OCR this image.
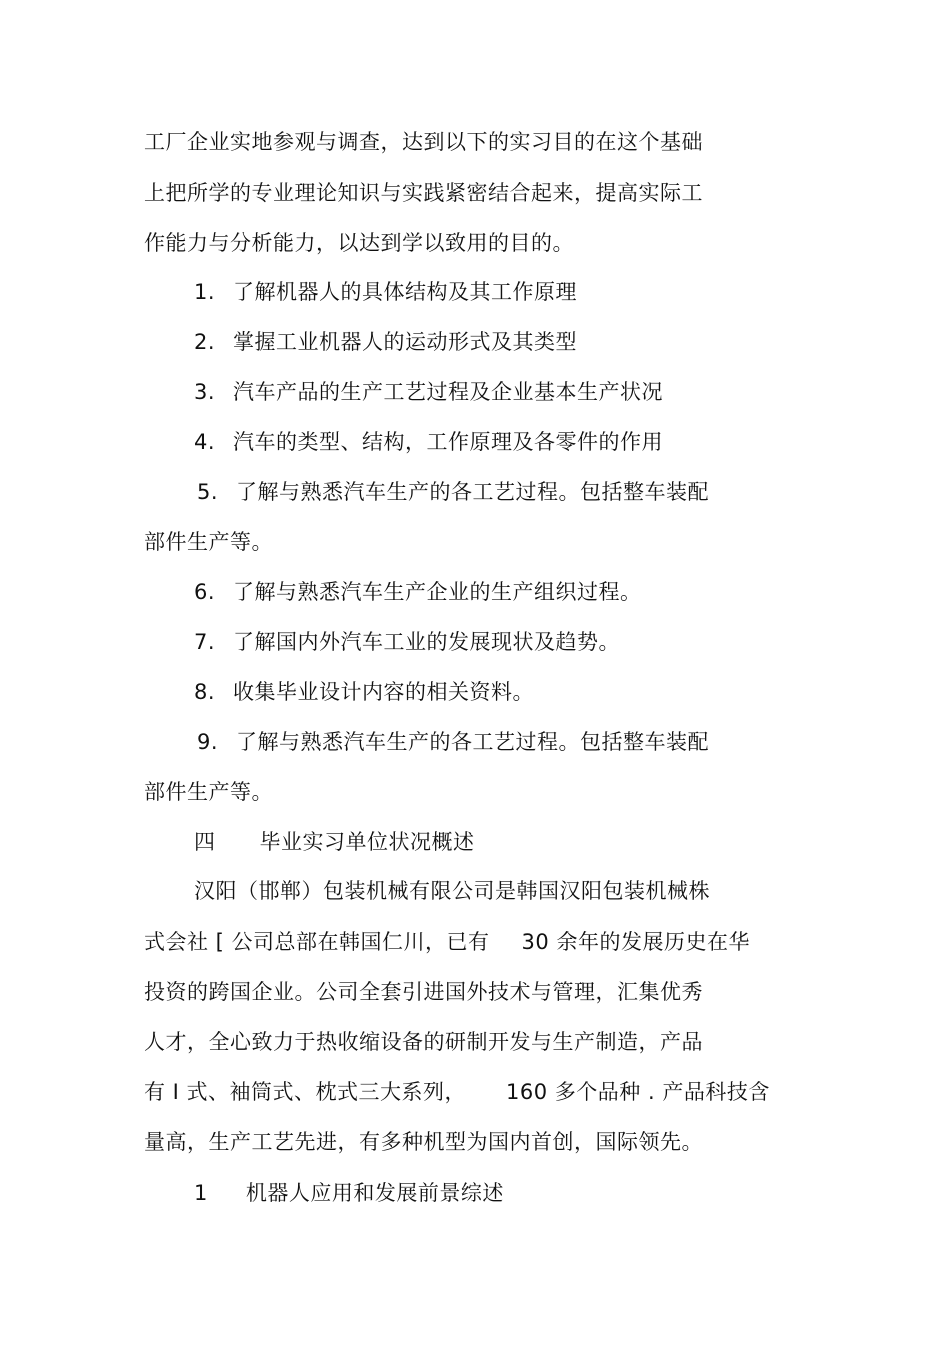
工厂企业实地参观与调查，达到以下的实习目的在这个基础
上把所学的专业理论知识与实践紧密结合起来，提高实际工
作能力与分析能力，以达到学以致用的目的。
1. 了解机器人的具体结构及其工作原理
2. 掌握工业机器人的运动形式及其类型
3. 汽车产品的生产工艺过程及企业基本生产状况
4. 汽车的类型、结构，工作原理及各零件的作用
5. 了解与熟悉汽车生产的各工艺过程。包括整车装配
部件生产等。
6. 了解与熟悉汽车生产企业的生产组织过程。
7. 了解国内外汽车工业的发展现状及趋势。
8. 收集毕业设计内容的相关资料。
9. 了解与熟悉汽车生产的各工艺过程。包括整车装配
部件生产等。
四 毕业实习单位状况概述
汉阳（邯郸）包装机械有限公司是韩国汉阳包装机械株
式会社 [ 公司总部在韩国仁川，已有 30 余年的发展历史在华
投资的跨国企业。公司全套引进国外技术与管理，汇集优秀
人才，全心致力于热收缩设备的研制开发与生产制造，产品
有 I 式、袖筒式、枕式三大系列， 160 多个品种 . 产品科技含
量高，生产工艺先进，有多种机型为国内首创，国际领先。
1 机器人应用和发展前景综述
